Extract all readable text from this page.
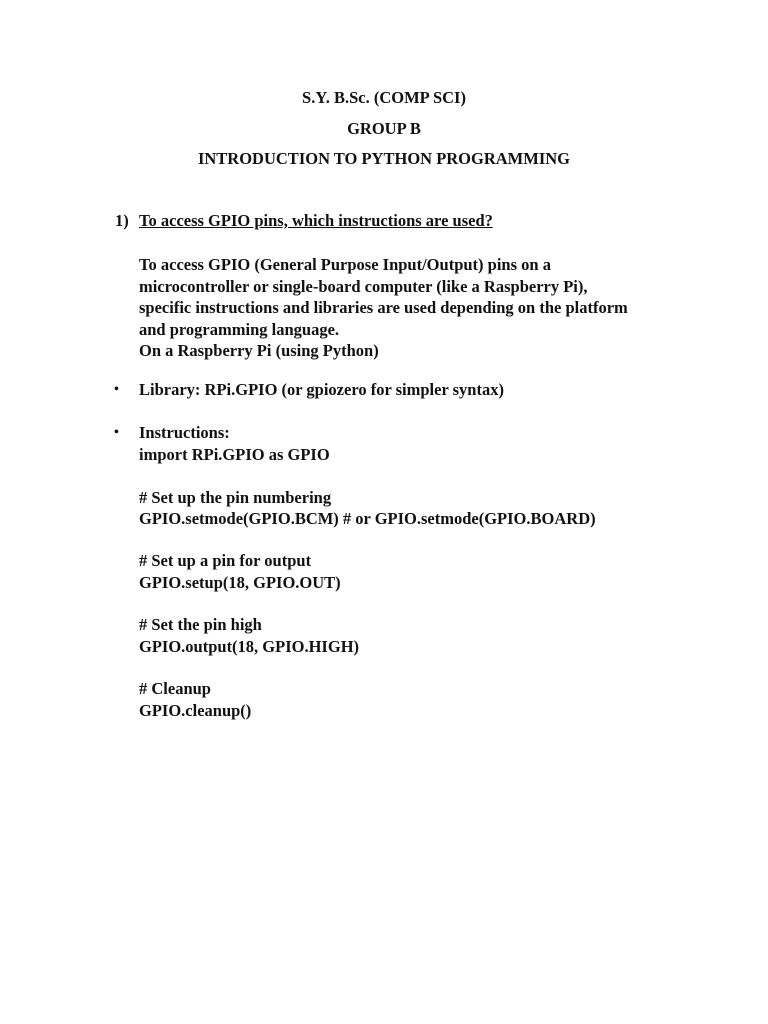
S.Y. B.Sc. (COMP SCI)
GROUP B
INTRODUCTION TO PYTHON PROGRAMMING
1) To access GPIO pins, which instructions are used?
To access GPIO (General Purpose Input/Output) pins on a
microcontroller or single-board computer (like a Raspberry Pi),
specific instructions and libraries are used depending on the platform
and programming language.
On a Raspberry Pi (using Python)
• Library: RPi.GPIO (or gpiozero for simpler syntax)
• Instructions:
import RPi.GPIO as GPIO
# Set up the pin numbering
GPIO.setmode(GPIO.BCM) # or GPIO.setmode(GPIO.BOARD)
# Set up a pin for output
GPIO.setup(18, GPIO.OUT)
# Set the pin high
GPIO.output(18, GPIO.HIGH)
# Cleanup
GPIO.cleanup()
